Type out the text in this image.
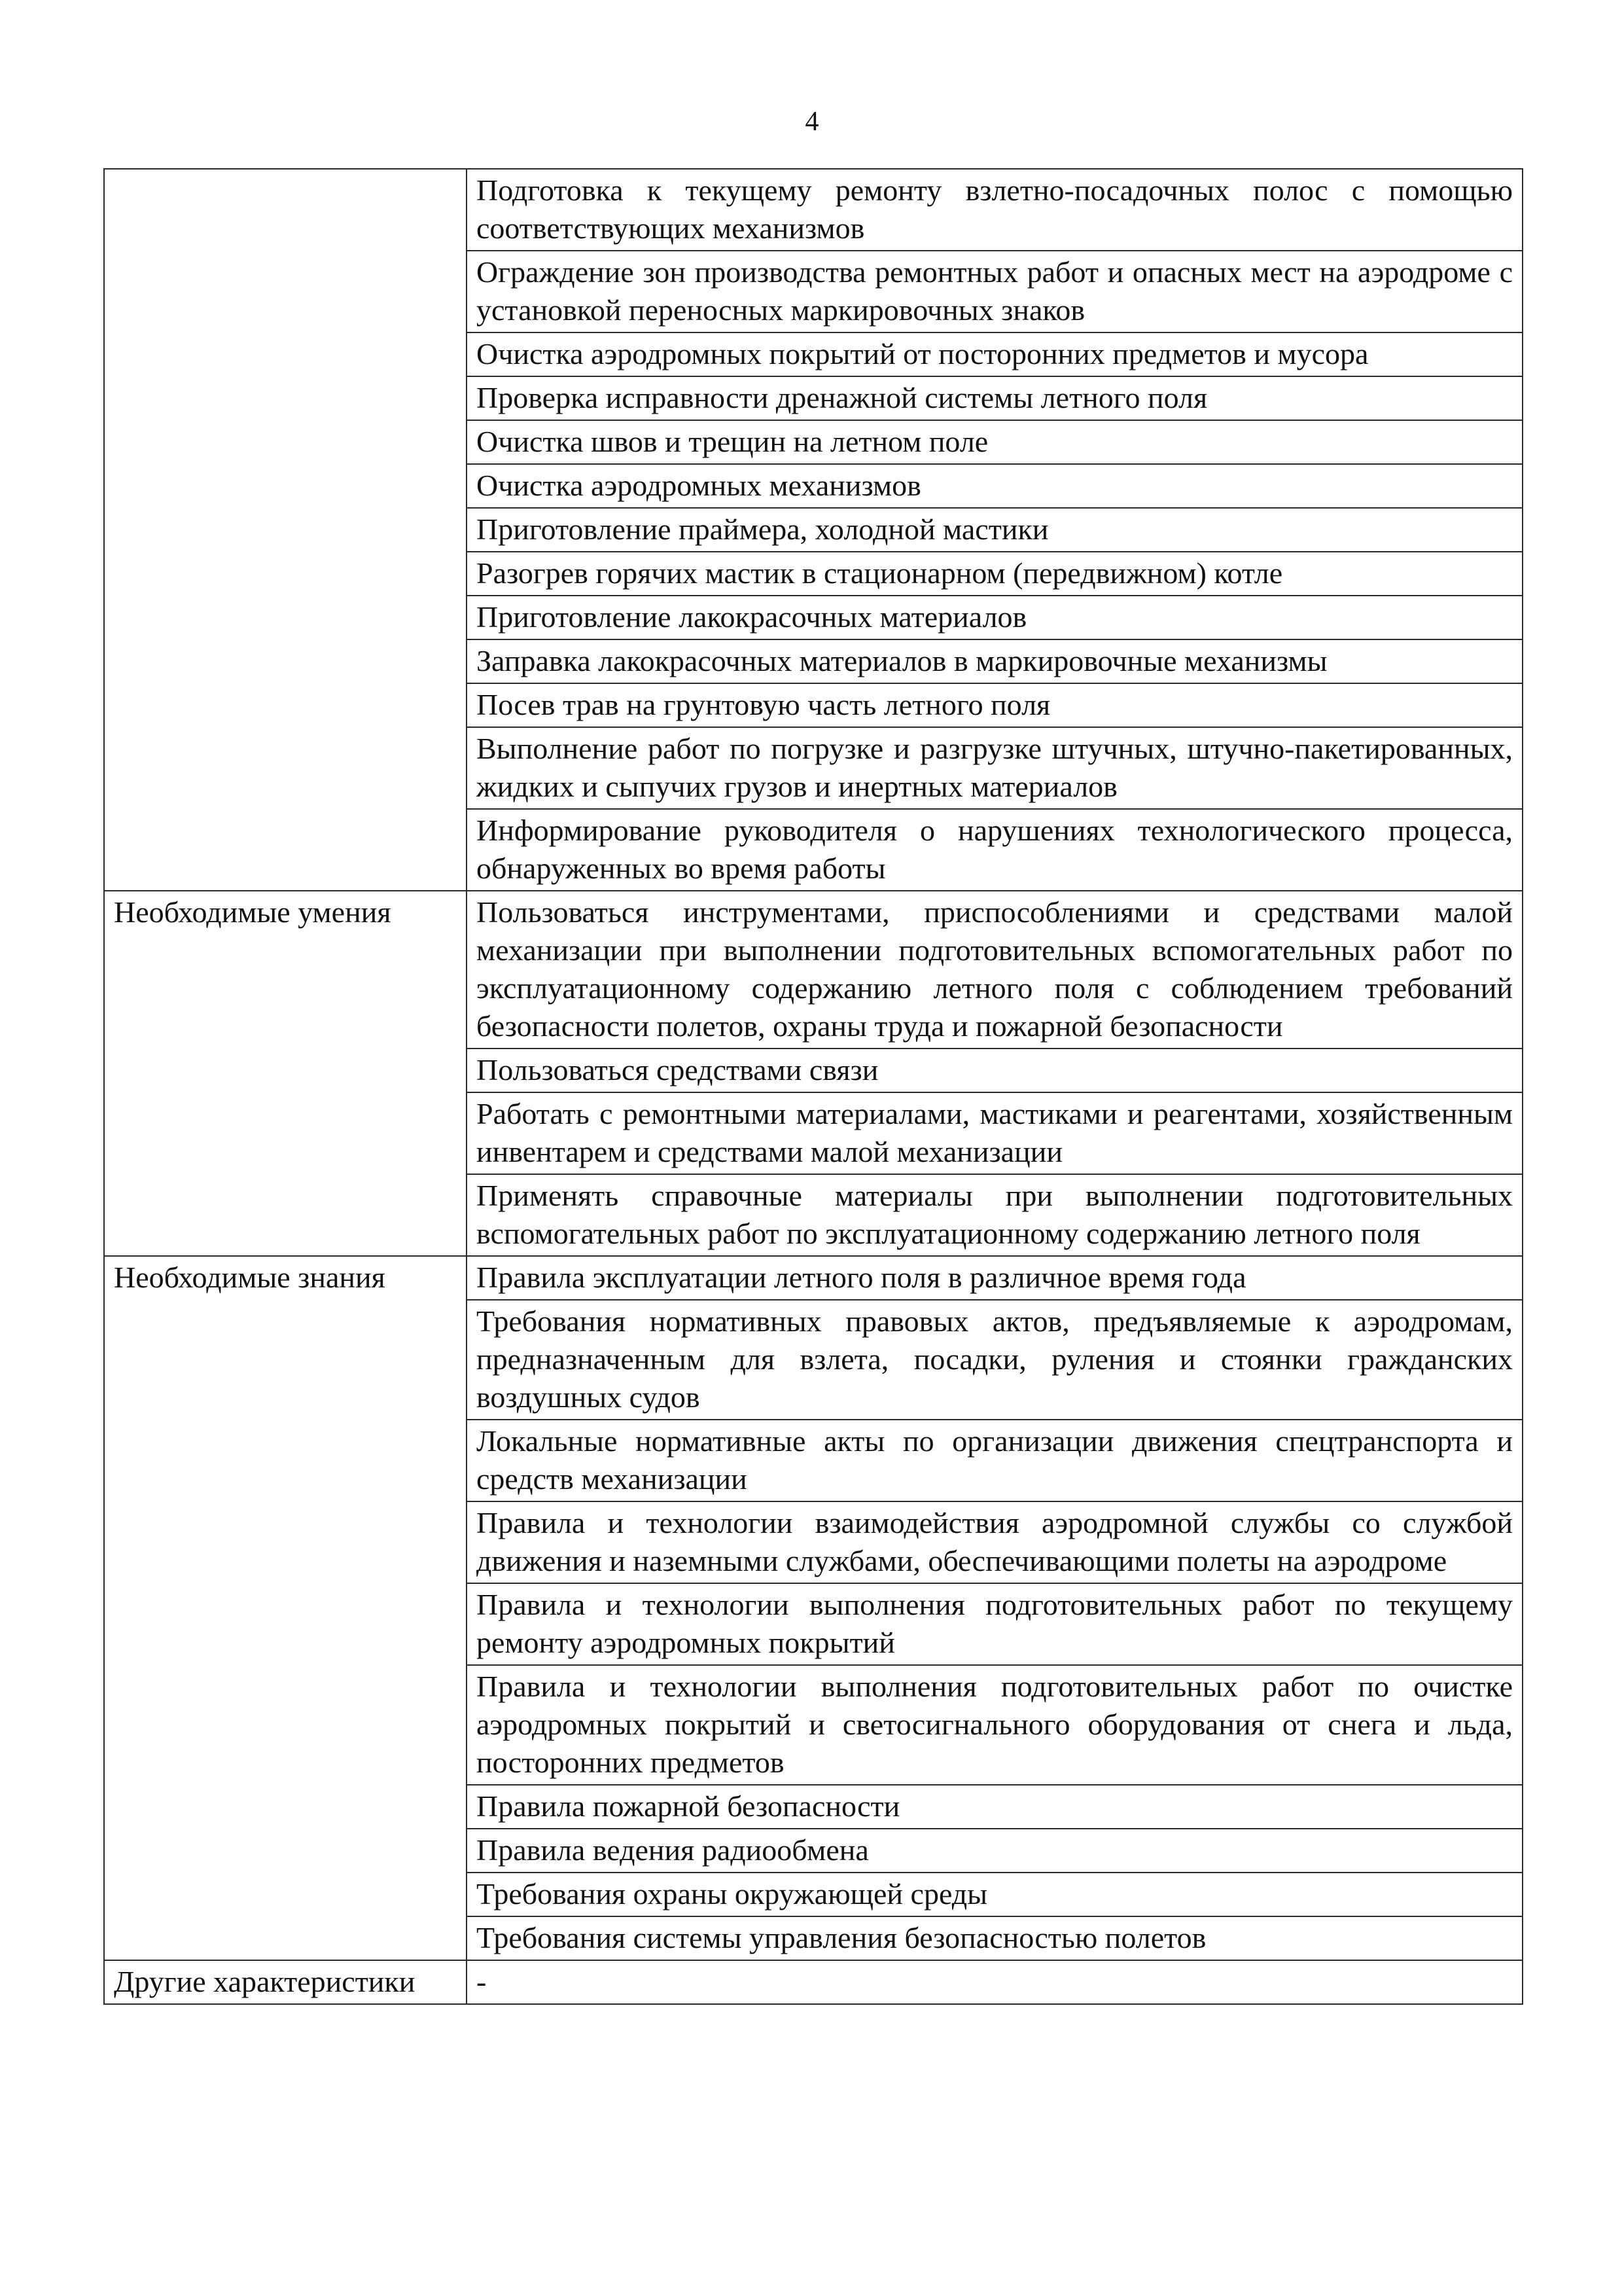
4
	Подготовка к текущему ремонту взлетно-посадочных полос с помощью соответствующих механизмов
	Ограждение зон производства ремонтных работ и опасных мест на аэродроме с установкой переносных маркировочных знаков
	Очистка аэродромных покрытий от посторонних предметов и мусора
	Проверка исправности дренажной системы летного поля
	Очистка швов и трещин на летном поле
	Очистка аэродромных механизмов
	Приготовление праймера, холодной мастики
	Разогрев горячих мастик в стационарном (передвижном) котле
	Приготовление лакокрасочных материалов
	Заправка лакокрасочных материалов в маркировочные механизмы
	Посев трав на грунтовую часть летного поля
	Выполнение работ по погрузке и разгрузке штучных, штучно-пакетированных, жидких и сыпучих грузов и инертных материалов
	Информирование руководителя о нарушениях технологического процесса, обнаруженных во время работы
Необходимые умения	Пользоваться инструментами, приспособлениями и средствами малой механизации при выполнении подготовительных вспомогательных работ по эксплуатационному содержанию летного поля с соблюдением требований безопасности полетов, охраны труда и пожарной безопасности
	Пользоваться средствами связи
	Работать с ремонтными материалами, мастиками и реагентами, хозяйственным инвентарем и средствами малой механизации
	Применять справочные материалы при выполнении подготовительных вспомогательных работ по эксплуатационному содержанию летного поля
Необходимые знания	Правила эксплуатации летного поля в различное время года
	Требования нормативных правовых актов, предъявляемые к аэродромам, предназначенным для взлета, посадки, руления и стоянки гражданских воздушных судов
	Локальные нормативные акты по организации движения спецтранспорта и средств механизации
	Правила и технологии взаимодействия аэродромной службы со службой движения и наземными службами, обеспечивающими полеты на аэродроме
	Правила и технологии выполнения подготовительных работ по текущему ремонту аэродромных покрытий
	Правила и технологии выполнения подготовительных работ по очистке аэродромных покрытий и светосигнального оборудования от снега и льда, посторонних предметов
	Правила пожарной безопасности
	Правила ведения радиообмена
	Требования охраны окружающей среды
	Требования системы управления безопасностью полетов
Другие характеристики	-
